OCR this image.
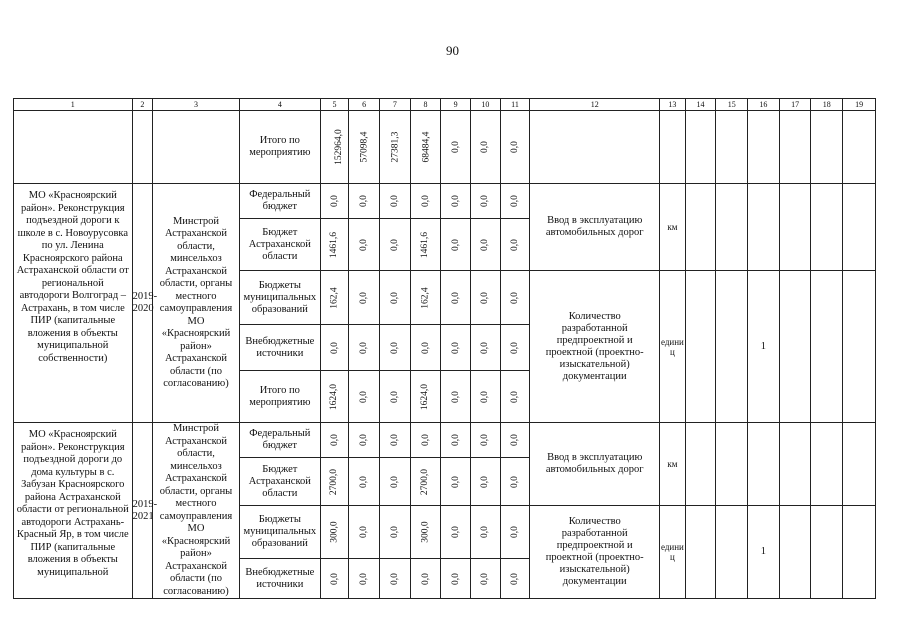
90
1	2	3	4	5	6	7	8	9	10	11	12	13	14	15	16	17	18	19
			Итого по мероприятию	152964,0	57098,4	27381,3	68484,4	0,0	0,0	0,0								
МО «Красноярский район». Реконструкция подъездной дороги к школе в с. Новоурусовка по ул. Ленина Красноярского района Астраханской области от региональной автодороги Волгоград – Астрахань, в том числе ПИР (капитальные вложения в объекты муниципальной собственности)	2019-2020	Минстрой Астраханской области, минсельхоз Астраханской области, органы местного самоуправления МО «Красноярский район» Астраханской области (по согласованию)	Федеральный бюджет	0,0	0,0	0,0	0,0	0,0	0,0	0,0	Ввод в эксплуатацию автомобильных дорог	км						
			Бюджет Астраханской области	1461,6	0,0	0,0	1461,6	0,0	0,0	0,0								
			Бюджеты муниципальных образований	162,4	0,0	0,0	162,4	0,0	0,0	0,0	Количество разработанной предпроектной и проектной (проектно-изыскательной) документации	единиц			1			
			Внебюджетные источники	0,0	0,0	0,0	0,0	0,0	0,0	0,0								
			Итого по мероприятию	1624,0	0,0	0,0	1624,0	0,0	0,0	0,0								
МО «Красноярский район». Реконструкция подъездной дороги до дома культуры в с. Забузан Красноярского района Астраханской области от региональной автодороги Астрахань-Красный Яр, в том числе ПИР (капитальные вложения в объекты муниципальной	2019-2021	Минстрой Астраханской области, минсельхоз Астраханской области, органы местного самоуправления МО «Красноярский район» Астраханской области (по согласованию)	Федеральный бюджет	0,0	0,0	0,0	0,0	0,0	0,0	0,0	Ввод в эксплуатацию автомобильных дорог	км						
			Бюджет Астраханской области	2700,0	0,0	0,0	2700,0	0,0	0,0	0,0								
			Бюджеты муниципальных образований	300,0	0,0	0,0	300,0	0,0	0,0	0,0	Количество разработанной предпроектной и проектной (проектно-изыскательной) документации	единиц			1			
			Внебюджетные источники	0,0	0,0	0,0	0,0	0,0	0,0	0,0								
